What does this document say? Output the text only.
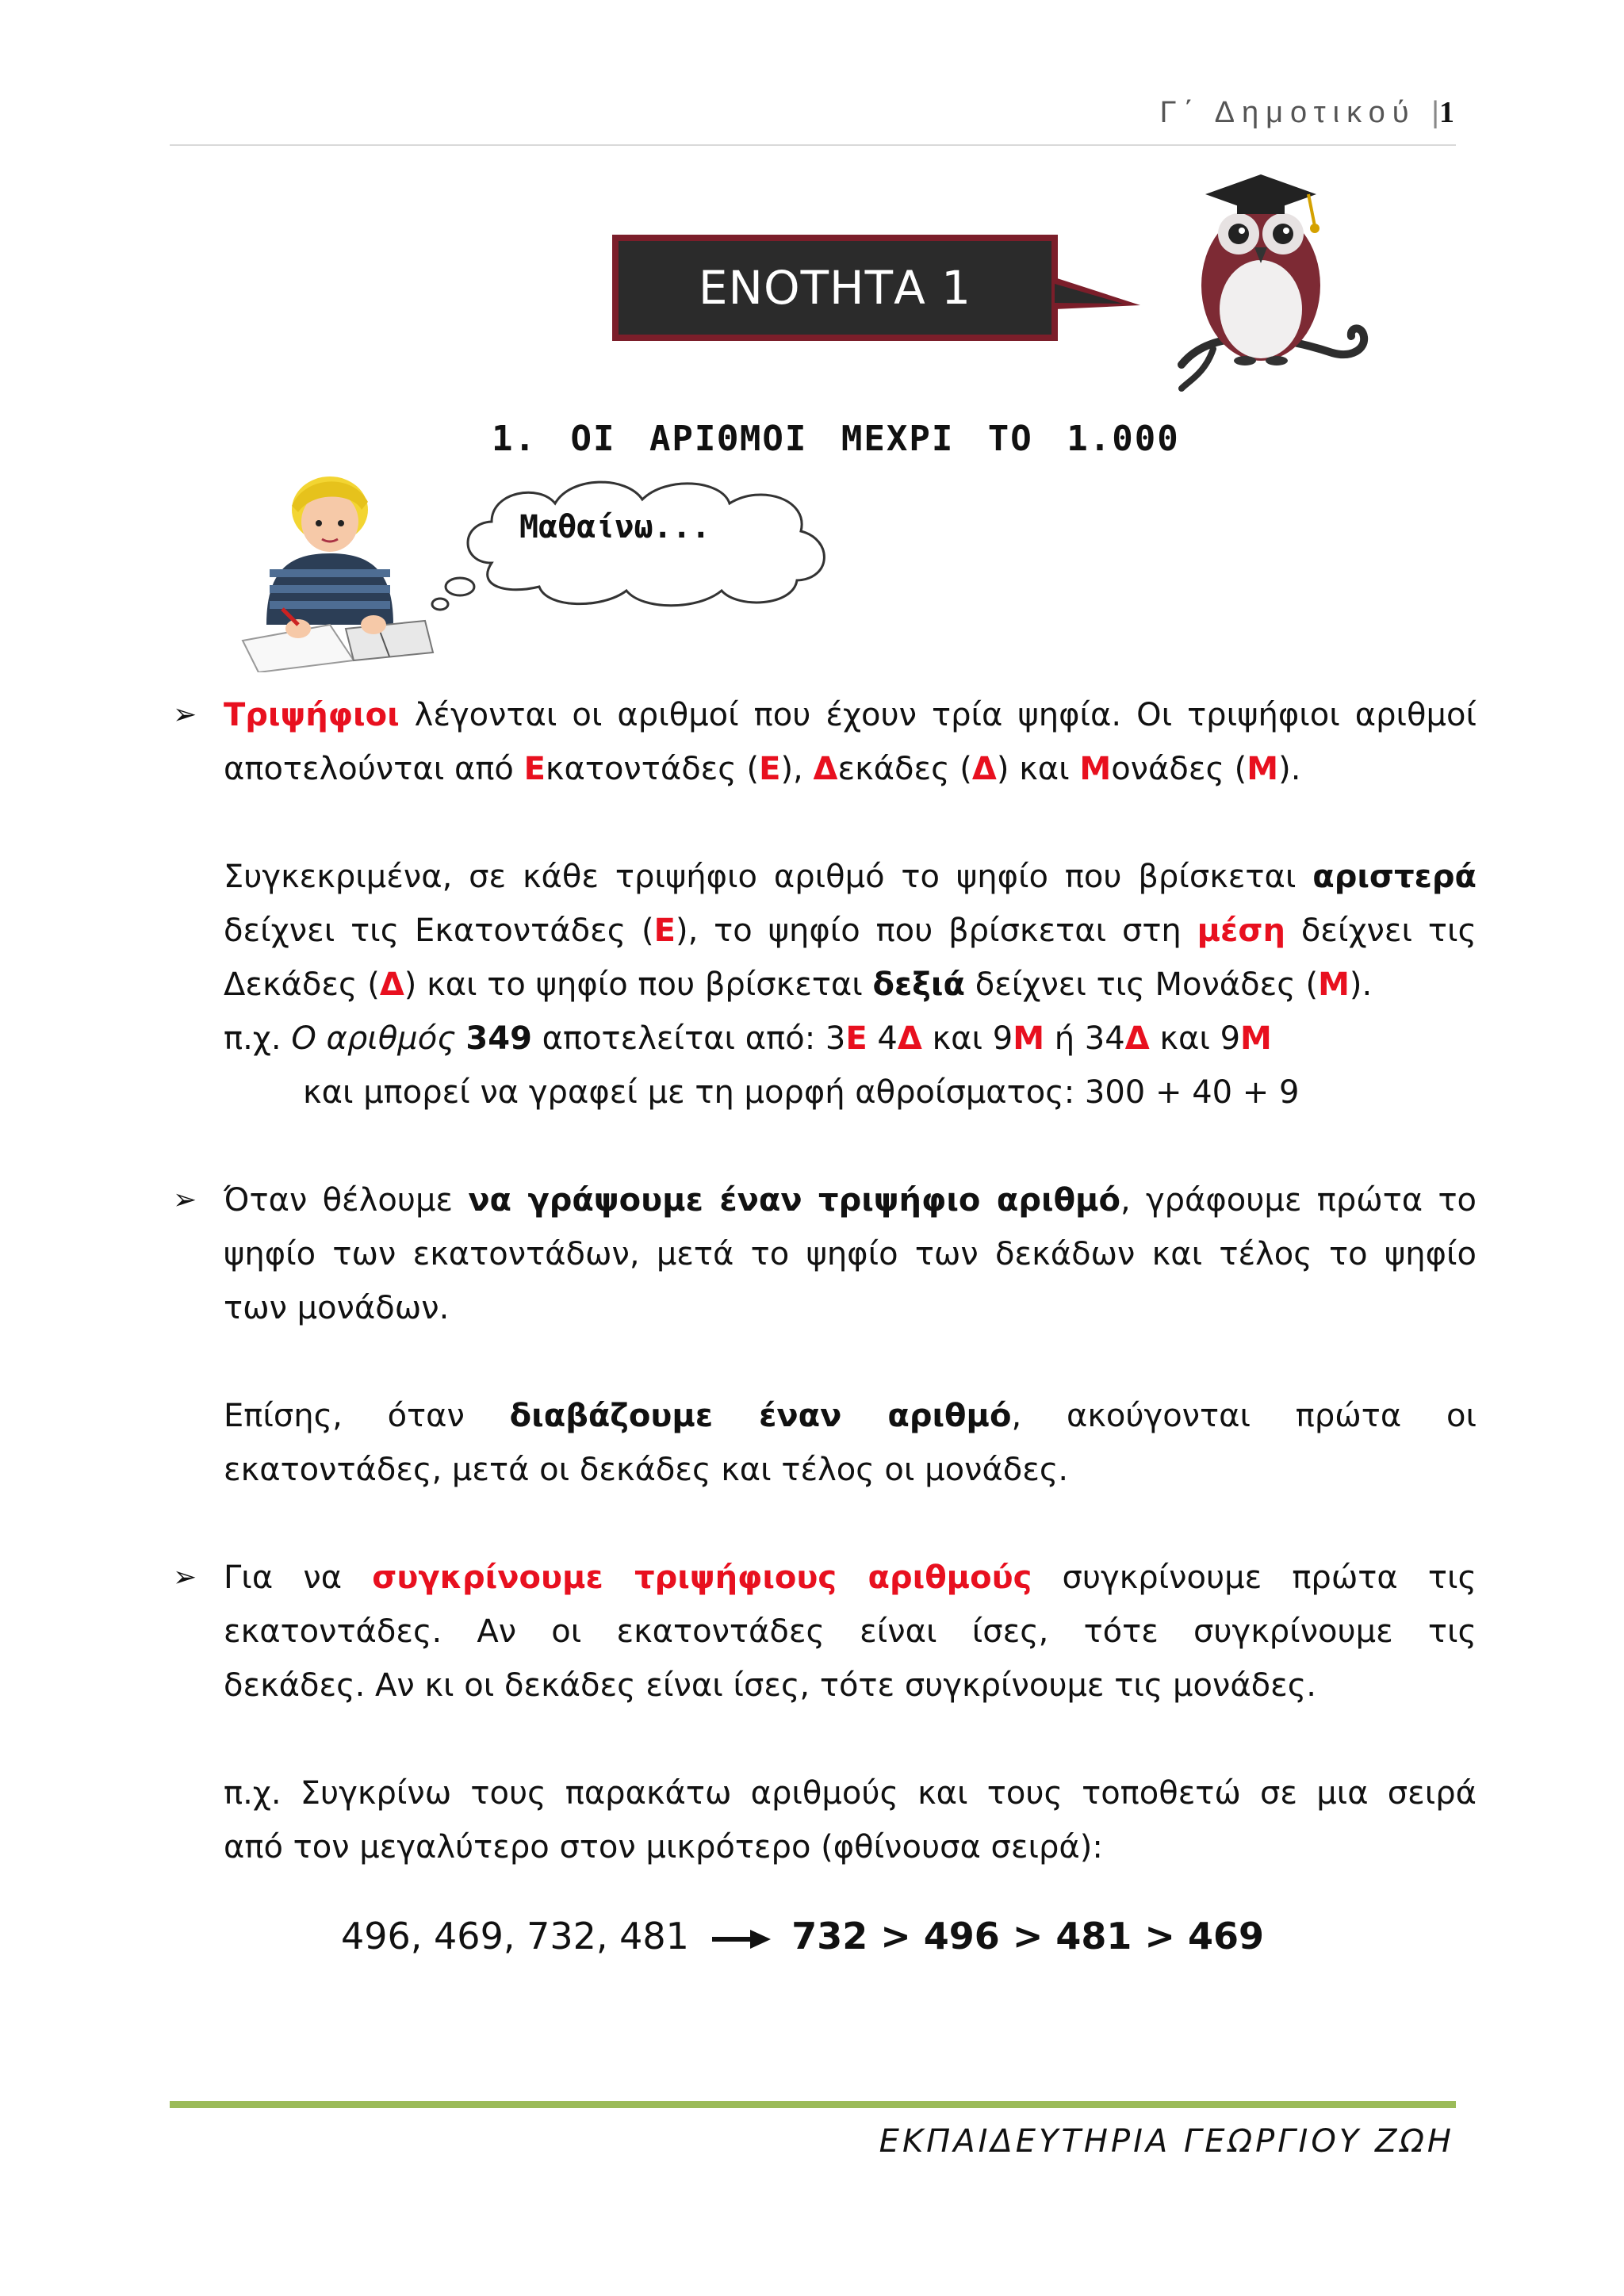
Γ΄ Δημοτικού |1
ΕΝΟΤΗΤΑ 1
1. ΟΙ ΑΡΙΘΜΟΙ ΜΕΧΡΙ ΤΟ 1.000
Μαθαίνω...
➢ Τριψήφιοι λέγονται οι αριθμοί που έχουν τρία ψηφία. Οι τριψήφιοι αριθμοί
αποτελούνται από Εκατοντάδες (Ε), Δεκάδες (Δ) και Μονάδες (Μ).
Συγκεκριμένα, σε κάθε τριψήφιο αριθμό το ψηφίο που βρίσκεται αριστερά
δείχνει τις Εκατοντάδες (Ε), το ψηφίο που βρίσκεται στη μέση δείχνει τις
Δεκάδες (Δ) και το ψηφίο που βρίσκεται δεξιά δείχνει τις Μονάδες (Μ).
π.χ. Ο αριθμός 349 αποτελείται από: 3Ε 4Δ και 9Μ ή 34Δ και 9Μ
και μπορεί να γραφεί με τη μορφή αθροίσματος: 300 + 40 + 9
➢ Όταν θέλουμε να γράψουμε έναν τριψήφιο αριθμό, γράφουμε πρώτα το
ψηφίο των εκατοντάδων, μετά το ψηφίο των δεκάδων και τέλος το ψηφίο
των μονάδων.
Επίσης, όταν διαβάζουμε έναν αριθμό, ακούγονται πρώτα οι
εκατοντάδες, μετά οι δεκάδες και τέλος οι μονάδες.
➢ Για να συγκρίνουμε τριψήφιους αριθμούς συγκρίνουμε πρώτα τις
εκατοντάδες. Αν οι εκατοντάδες είναι ίσες, τότε συγκρίνουμε τις
δεκάδες. Αν κι οι δεκάδες είναι ίσες, τότε συγκρίνουμε τις μονάδες.
π.χ. Συγκρίνω τους παρακάτω αριθμούς και τους τοποθετώ σε μια σειρά
από τον μεγαλύτερο στον μικρότερο (φθίνουσα σειρά):
496, 469, 732, 481	732 > 496 > 481 > 469
ΕΚΠΑΙΔΕΥΤΗΡΙΑ ΓΕΩΡΓΙΟΥ ΖΩΗ
